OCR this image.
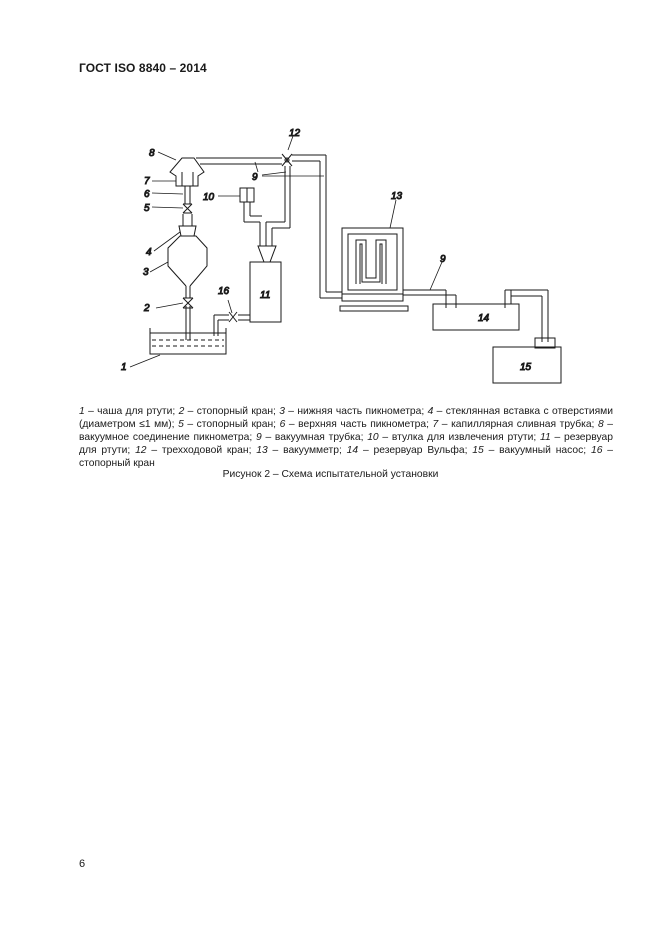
ГОСТ ISO 8840 – 2014
1
2
3
4
5
6
7
8
9
9
10
11
12
13
14
15
16
1 – чаша для ртути; 2 – стопорный кран; 3 – нижняя часть пикнометра; 4 – стеклянная вставка с отверстиями (диаметром ≤1 мм); 5 – стопорный кран; 6 – верхняя часть пикнометра; 7 – капиллярная сливная трубка; 8 – вакуумное соединение пикнометра; 9 – вакуумная трубка; 10 – втулка для извлечения ртути; 11 – резервуар для ртути; 12 – трехходовой кран; 13 – вакуумметр; 14 – резервуар Вульфа; 15 – вакуумный насос; 16 – стопорный кран
Рисунок 2 – Схема испытательной установки
6
